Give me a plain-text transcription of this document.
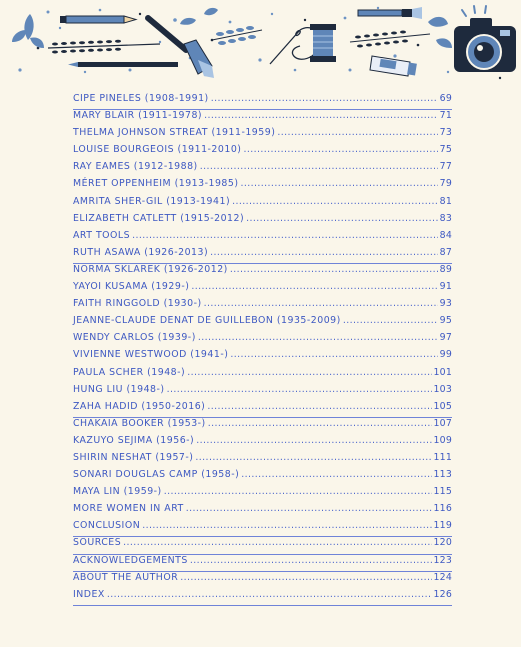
CIPE PINELES (1908-1991) .....	69
MARY BLAIR (1911-1978) .....	71
THELMA JOHNSON STREAT (1911-1959) .....	73
LOUISE BOURGEOIS (1911-2010) .....	75
RAY EAMES (1912-1988) .....	77
MÉRET OPPENHEIM (1913-1985) .....	79
AMRITA SHER-GIL (1913-1941) .....	81
ELIZABETH CATLETT (1915-2012) .....	83
ART TOOLS .....	84
RUTH ASAWA (1926-2013) .....	87
NORMA SKLAREK (1926-2012) .....	89
YAYOI KUSAMA (1929-) .....	91
FAITH RINGGOLD (1930-) .....	93
JEANNE-CLAUDE DENAT DE GUILLEBON (1935-2009) .....	95
WENDY CARLOS (1939-) .....	97
VIVIENNE WESTWOOD (1941-) .....	99
PAULA SCHER (1948-) .....	101
HUNG LIU (1948-) .....	103
ZAHA HADID (1950-2016) .....	105
CHAKAIA BOOKER (1953-) .....	107
KAZUYO SEJIMA (1956-) .....	109
SHIRIN NESHAT (1957-) .....	111
SONARI DOUGLAS CAMP (1958-) .....	113
MAYA LIN (1959-) .....	115
MORE WOMEN IN ART .....	116
CONCLUSION .....	119
SOURCES .....	120
ACKNOWLEDGEMENTS .....	123
ABOUT THE AUTHOR .....	124
INDEX .....	126
